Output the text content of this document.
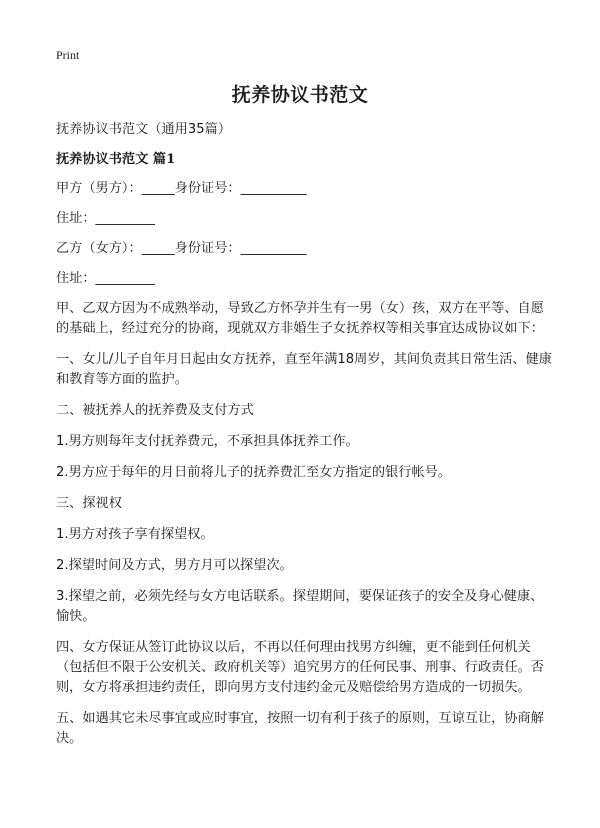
Print
抚养协议书范文

抚养协议书范文（通用35篇）

抚养协议书范文 篇1

甲方（男方）：_____身份证号：__________

住址：_________

乙方（女方）：_____身份证号：__________

住址：_________

甲、乙双方因为不成熟举动，导致乙方怀孕并生有一男（女）孩，双方在平等、自愿的基础上，经过充分的协商，现就双方非婚生子女抚养权等相关事宜达成协议如下：

一、女儿/儿子自年月日起由女方抚养，直至年满18周岁，其间负责其日常生活、健康和教育等方面的监护。

二、被抚养人的抚养费及支付方式

1.男方则每年支付抚养费元，不承担具体抚养工作。

2.男方应于每年的月日前将儿子的抚养费汇至女方指定的银行帐号。

三、探视权

1.男方对孩子享有探望权。

2.探望时间及方式，男方月可以探望次。

3.探望之前，必须先经与女方电话联系。探望期间，要保证孩子的安全及身心健康、愉快。

四、女方保证从签订此协议以后，不再以任何理由找男方纠缠，更不能到任何机关（包括但不限于公安机关、政府机关等）追究男方的任何民事、刑事、行政责任。否则，女方将承担违约责任，即向男方支付违约金元及赔偿给男方造成的一切损失。

五、如遇其它未尽事宜或应时事宜，按照一切有利于孩子的原则，互谅互让，协商解决。
